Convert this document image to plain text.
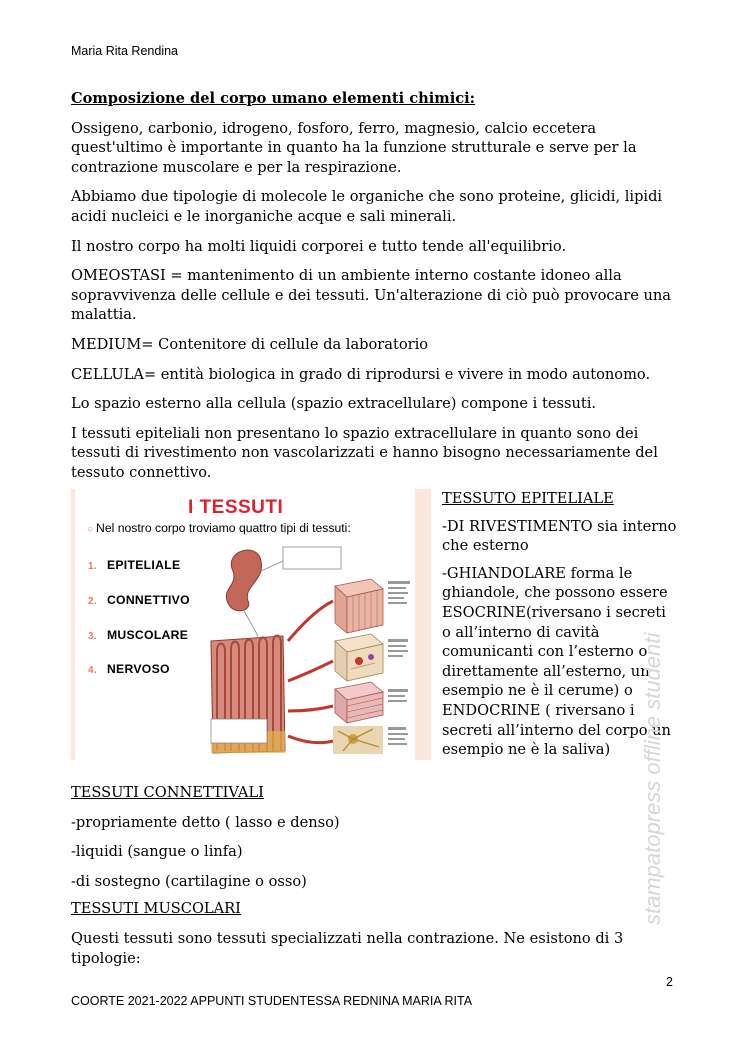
Maria Rita Rendina
Composizione del corpo umano elementi chimici:

Ossigeno, carbonio, idrogeno, fosforo, ferro, magnesio, calcio eccetera quest'ultimo è importante in quanto ha la funzione strutturale e serve per la contrazione muscolare e per la respirazione.

Abbiamo due tipologie di molecole le organiche che sono proteine, glicidi, lipidi acidi nucleici e le inorganiche acque e sali minerali.

Il nostro corpo ha molti liquidi corporei e tutto tende all'equilibrio.

OMEOSTASI = mantenimento di un ambiente interno costante idoneo alla sopravvivenza delle cellule e dei tessuti. Un'alterazione di ciò può provocare una malattia.

MEDIUM= Contenitore di cellule da laboratorio

CELLULA= entità biologica in grado di riprodursi e vivere in modo autonomo.

Lo spazio esterno alla cellula (spazio extracellulare) compone i tessuti.

I tessuti epiteliali non presentano lo spazio extracellulare in quanto sono dei tessuti di rivestimento non vascolarizzati e hanno bisogno necessariamente del tessuto connettivo.

I TESSUTI
○ Nel nostro corpo troviamo quattro tipi di tessuti:
1. EPITELIALE
2. CONNETTIVO
3. MUSCOLARE
4. NERVOSO
TESSUTO EPITELIALE

-DI RIVESTIMENTO sia interno che esterno

-GHIANDOLARE forma le ghiandole, che possono essere ESOCRINE(riversano i secreti o all’interno di cavità comunicanti con l’esterno o direttamente all’esterno, un esempio ne è il cerume) o ENDOCRINE ( riversano i secreti all’interno del corpo un esempio ne è la saliva)

TESSUTI CONNETTIVALI

-propriamente detto ( lasso e denso)

-liquidi (sangue o linfa)

-di sostegno (cartilagine o osso)

TESSUTI MUSCOLARI

Questi tessuti sono tessuti specializzati nella contrazione. Ne esistono di 3 tipologie:

stampatopress offline studenti
2
COORTE 2021-2022 APPUNTI STUDENTESSA REDNINA MARIA RITA
